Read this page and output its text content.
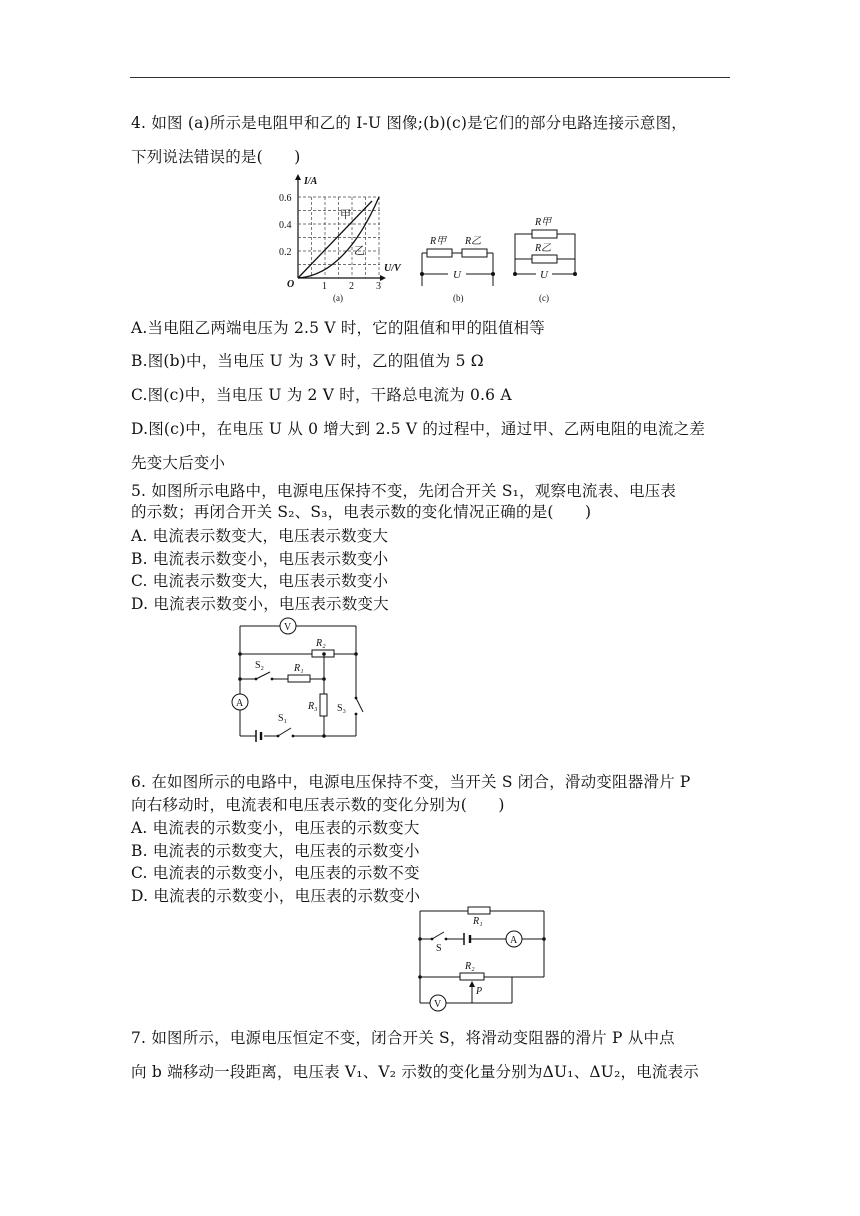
4. 如图 (a)所示是电阻甲和乙的 I-U 图像;(b)(c)是它们的部分电路连接示意图，
下列说法错误的是(　　)
I/A
U/V
O
0.6
0.4
0.2
1 2 3
甲
乙
(a)
R甲 R乙
U
(b)
R甲
R乙
U
(c)
A.当电阻乙两端电压为 2.5 V 时，它的阻值和甲的阻值相等
B.图(b)中，当电压 U 为 3 V 时，乙的阻值为 5 Ω
C.图(c)中，当电压 U 为 2 V 时，干路总电流为 0.6 A
D.图(c)中，在电压 U 从 0 增大到 2.5 V 的过程中，通过甲、乙两电阻的电流之差
先变大后变小
5. 如图所示电路中，电源电压保持不变，先闭合开关 S₁，观察电流表、电压表
的示数；再闭合开关 S₂、S₃，电表示数的变化情况正确的是(　　)
A. 电流表示数变大，电压表示数变大
B. 电流表示数变小，电压表示数变小
C. 电流表示数变大，电压表示数变小
D. 电流表示数变小，电压表示数变大
V
A
R₂
R₁
R₃
S₂
S₃
S₁
6. 在如图所示的电路中，电源电压保持不变，当开关 S 闭合，滑动变阻器滑片 P
向右移动时，电流表和电压表示数的变化分别为(　　)
A. 电流表的示数变小，电压表的示数变大
B. 电流表的示数变大，电压表的示数变小
C. 电流表的示数变小，电压表的示数不变
D. 电流表的示数变小，电压表的示数变小
R₁
S
A
R₂
P
V
7. 如图所示，电源电压恒定不变，闭合开关 S，将滑动变阻器的滑片 P 从中点
向 b 端移动一段距离，电压表 V₁、V₂ 示数的变化量分别为ΔU₁、ΔU₂，电流表示
